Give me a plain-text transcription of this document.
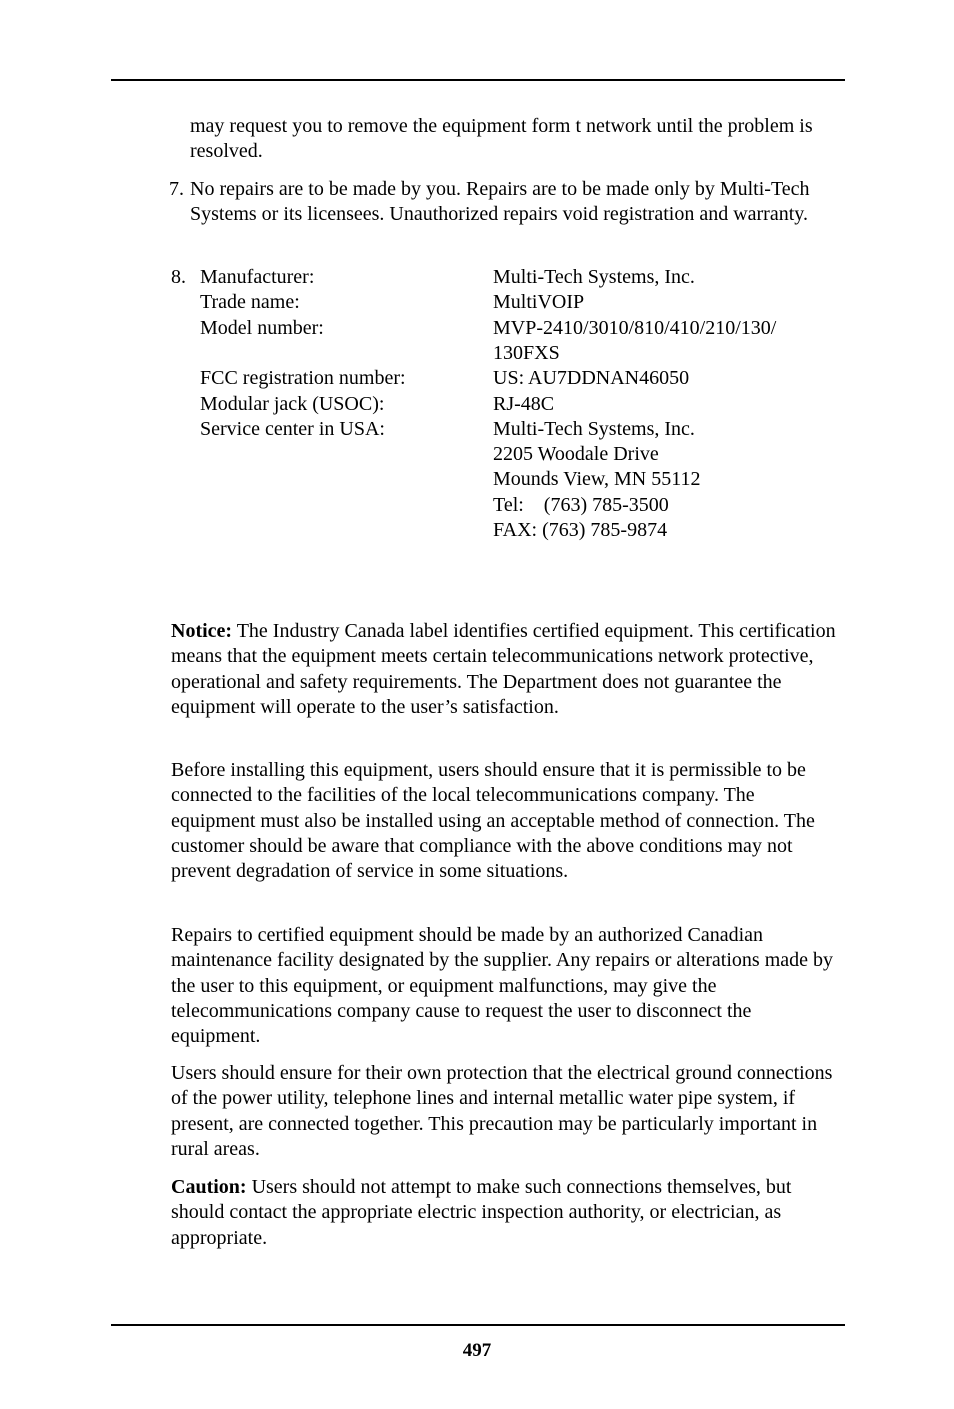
may request you to remove the equipment form t network until the problem is resolved.

7. No repairs are to be made by you. Repairs are to be made only by Multi-Tech Systems or its licensees. Unauthorized repairs void registration and warranty.

8. Manufacturer:	Multi-Tech Systems, Inc.
Trade name:	MultiVOIP
Model number:	MVP-2410/3010/810/410/210/130/
130FXS
FCC registration number:	US: AU7DDNAN46050
Modular jack (USOC):	RJ-48C
Service center in USA:	Multi-Tech Systems, Inc.
2205 Woodale Drive
Mounds View, MN 55112
Tel:    (763) 785-3500
FAX: (763) 785-9874

Notice: The Industry Canada label identifies certified equipment. This certification means that the equipment meets certain telecommunications network protective, operational and safety requirements. The Department does not guarantee the equipment will operate to the user’s satisfaction.

Before installing this equipment, users should ensure that it is permissible to be connected to the facilities of the local telecommunications company. The equipment must also be installed using an acceptable method of connection. The customer should be aware that compliance with the above conditions may not prevent degradation of service in some situations.

Repairs to certified equipment should be made by an authorized Canadian maintenance facility designated by the supplier. Any repairs or alterations made by the user to this equipment, or equipment malfunctions, may give the telecommunications company cause to request the user to disconnect the equipment.

Users should ensure for their own protection that the electrical ground connections of the power utility, telephone lines and internal metallic water pipe system, if present, are connected together. This precaution may be particularly important in rural areas.

Caution: Users should not attempt to make such connections themselves, but should contact the appropriate electric inspection authority, or electrician, as appropriate.

497
